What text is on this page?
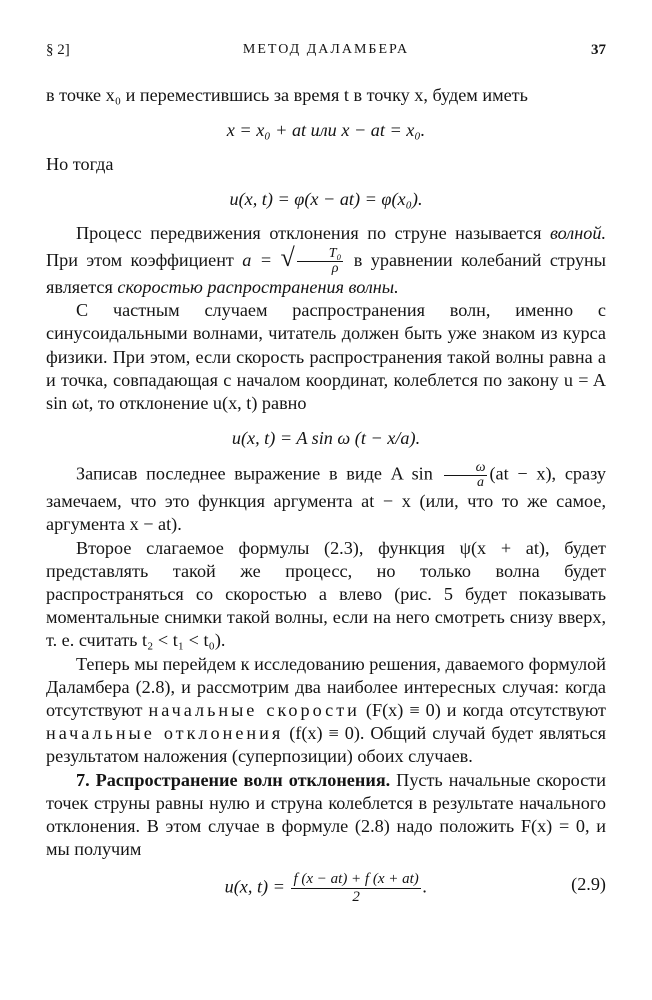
§ 2]	МЕТОД ДАЛАМБЕРА	37

в точке x₀ и переместившись за время t в точку x, будем иметь

x = x₀ + at или x − at = x₀.

Но тогда

u(x, t) = φ(x − at) = φ(x₀).

Процесс передвижения отклонения по струне называется волной. При этом коэффициент a = √ $\frac{\text{T₀}}{\rho}$ в уравнении колебаний струны является скоростью распространения волны.

С частным случаем распространения волн, именно с синусоидальными волнами, читатель должен быть уже знаком из курса физики. При этом, если скорость распространения такой волны равна a и точка, совпадающая с началом координат, колеблется по закону u = A sin ωt, то отклонение u(x, t) равно

u(x, t) = A sin ω (t − x/a).

Записав последнее выражение в виде A $\sin \frac{\omega}{a} (at - x)$, сразу замечаем, что это функция аргумента at − x (или, что то же самое, аргумента x − at).

Второе слагаемое формулы (2.3), функция ψ(x + at), будет представлять такой же процесс, но только волна будет распространяться со скоростью a влево (рис. 5 будет показывать моментальные снимки такой волны, если на него смотреть снизу вверх, т. е. считать t₂ < t₁ < t₀).

Теперь мы перейдем к исследованию решения, даваемого формулой Даламбера (2.8), и рассмотрим два наиболее интересных случая: когда отсутствуют начальные скорости (F(x) ≡ 0) и когда отсутствуют начальные отклонения (f(x) ≡ 0). Общий случай будет являться результатом наложения (суперпозиции) обоих случаев.

7. Распространение волн отклонения. Пусть начальные скорости точек струны равны нулю и струна колеблется в результате начального отклонения. В этом случае в формуле (2.8) надо положить F(x) = 0, и мы получим

u(x, $t) = \frac{f (x - at) + f (x + at)}{2}$ .	(2.9)
